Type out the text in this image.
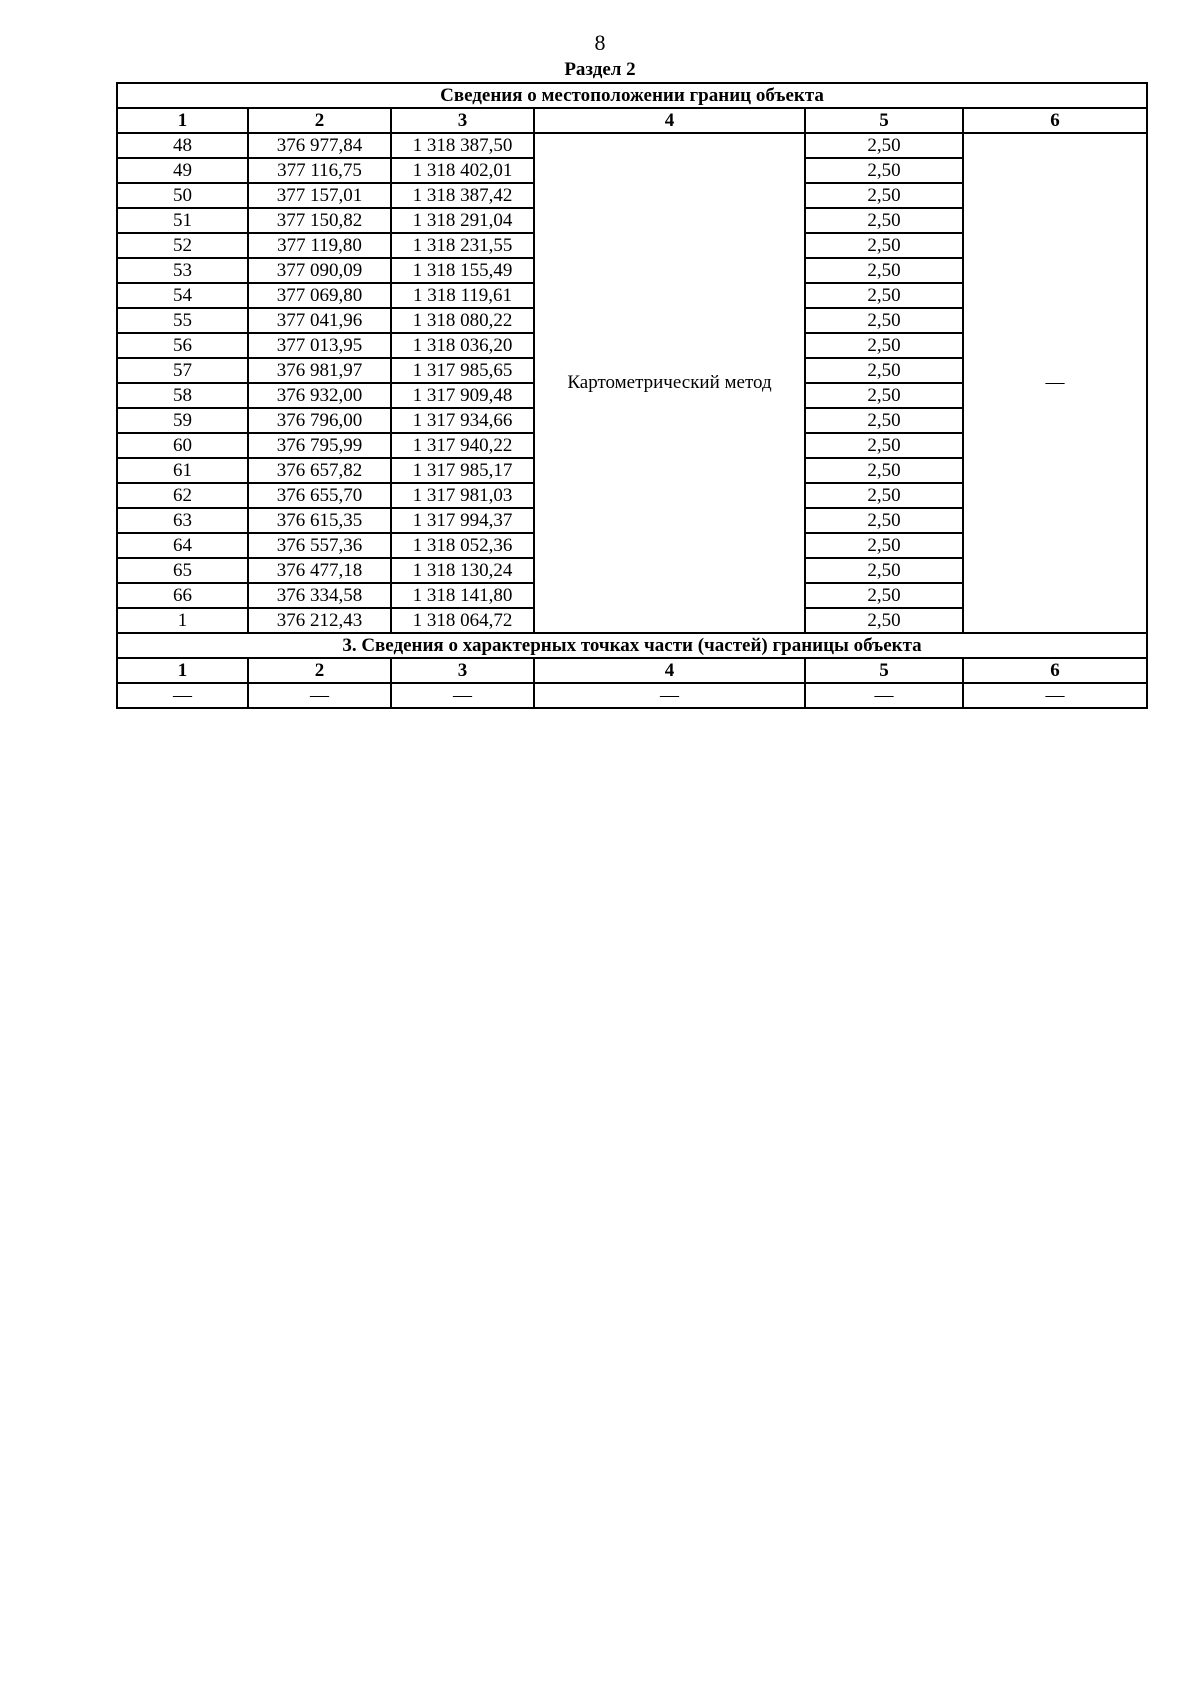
8
Раздел 2
Сведения о местоположении границ объекта					
1	2	3	4	5	6
48	376 977,84	1 318 387,50	Картометрический метод	2,50	—
49	377 116,75	1 318 402,01		2,50	
50	377 157,01	1 318 387,42		2,50	
51	377 150,82	1 318 291,04		2,50	
52	377 119,80	1 318 231,55		2,50	
53	377 090,09	1 318 155,49		2,50	
54	377 069,80	1 318 119,61		2,50	
55	377 041,96	1 318 080,22		2,50	
56	377 013,95	1 318 036,20		2,50	
57	376 981,97	1 317 985,65		2,50	
58	376 932,00	1 317 909,48		2,50	
59	376 796,00	1 317 934,66		2,50	
60	376 795,99	1 317 940,22		2,50	
61	376 657,82	1 317 985,17		2,50	
62	376 655,70	1 317 981,03		2,50	
63	376 615,35	1 317 994,37		2,50	
64	376 557,36	1 318 052,36		2,50	
65	376 477,18	1 318 130,24		2,50	
66	376 334,58	1 318 141,80		2,50	
1	376 212,43	1 318 064,72		2,50	
3. Сведения о характерных точках части (частей) границы объекта					
1	2	3	4	5	6
—	—	—	—	—	—
